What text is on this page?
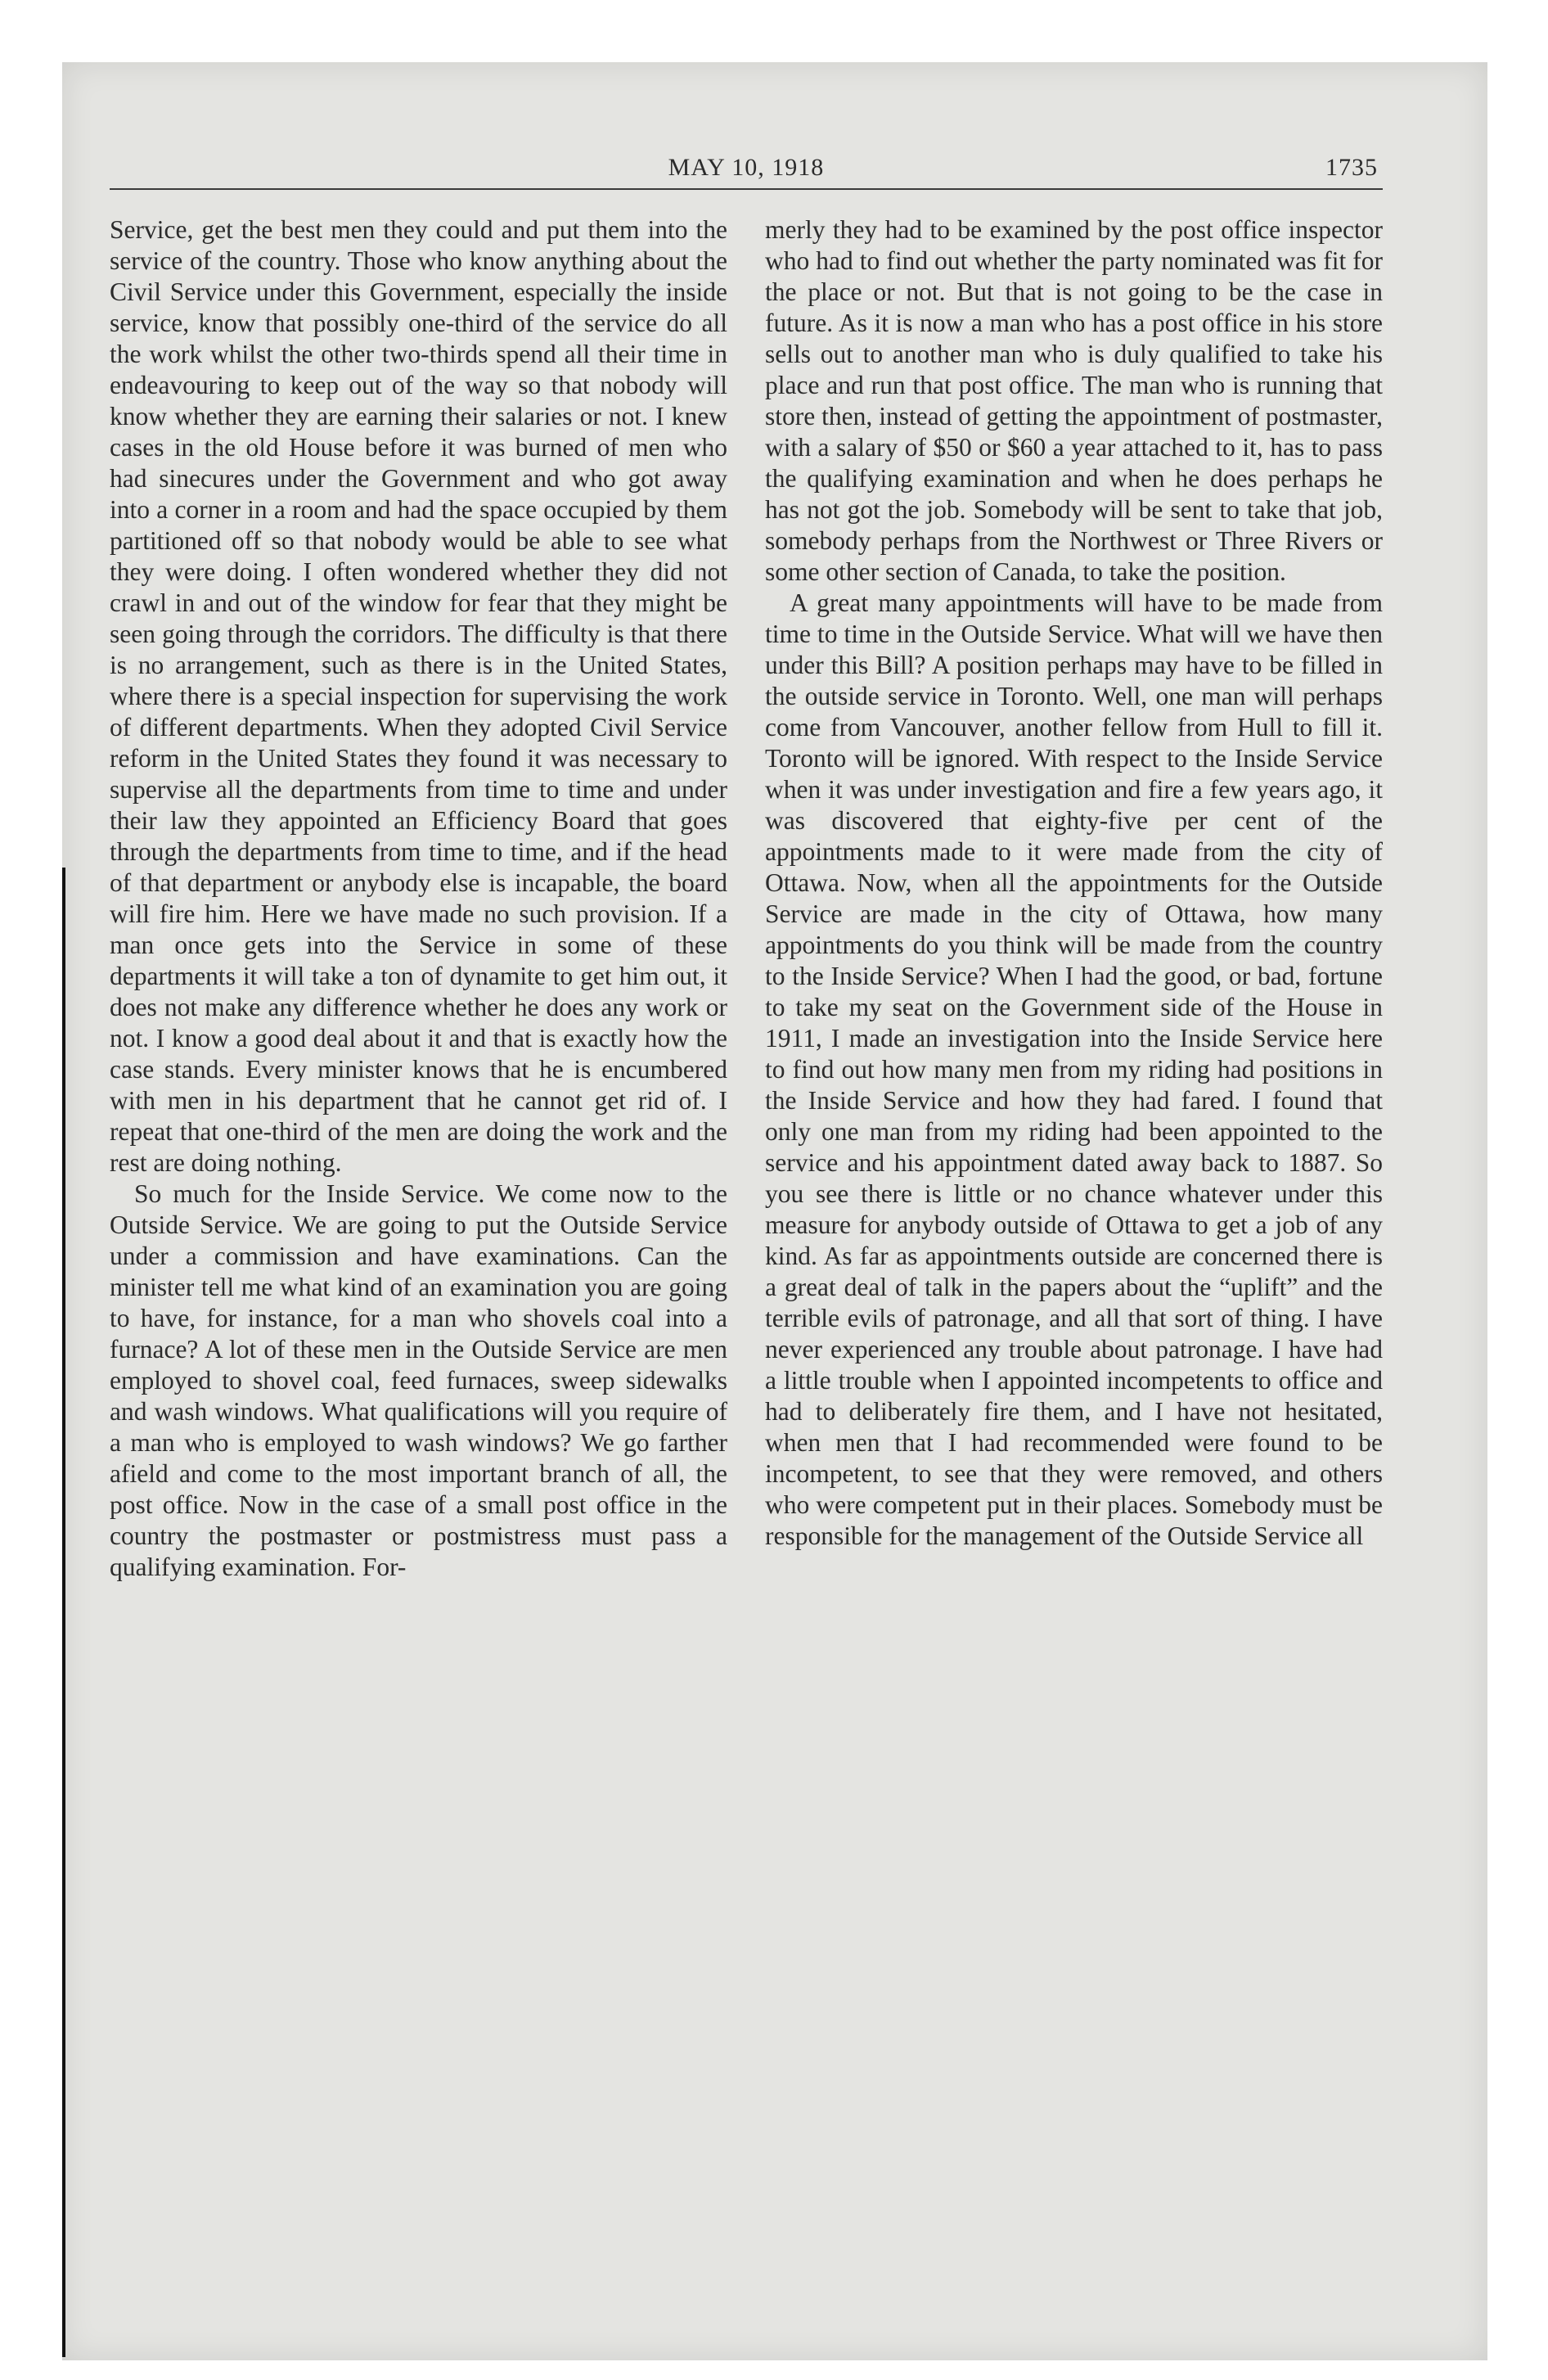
MAY 10, 1918	1735

Service, get the best men they could and put them into the service of the country. Those who know anything about the Civil Service under this Government, especially the inside service, know that possibly one-third of the service do all the work whilst the other two-thirds spend all their time in endeavouring to keep out of the way so that nobody will know whether they are earning their salaries or not. I knew cases in the old House before it was burned of men who had sinecures under the Government and who got away into a corner in a room and had the space occupied by them partitioned off so that nobody would be able to see what they were doing. I often wondered whether they did not crawl in and out of the window for fear that they might be seen going through the corridors. The difficulty is that there is no arrangement, such as there is in the United States, where there is a special inspection for supervising the work of different departments. When they adopted Civil Service reform in the United States they found it was necessary to supervise all the departments from time to time and under their law they appointed an Efficiency Board that goes through the departments from time to time, and if the head of that department or anybody else is incapable, the board will fire him. Here we have made no such provision. If a man once gets into the Service in some of these departments it will take a ton of dynamite to get him out, it does not make any difference whether he does any work or not. I know a good deal about it and that is exactly how the case stands. Every minister knows that he is encumbered with men in his department that he cannot get rid of. I repeat that one-third of the men are doing the work and the rest are doing nothing.

So much for the Inside Service. We come now to the Outside Service. We are going to put the Outside Service under a commission and have examinations. Can the minister tell me what kind of an examination you are going to have, for instance, for a man who shovels coal into a furnace? A lot of these men in the Outside Service are men employed to shovel coal, feed furnaces, sweep sidewalks and wash windows. What qualifications will you require of a man who is employed to wash windows? We go farther afield and come to the most important branch of all, the post office. Now in the case of a small post office in the country the postmaster or postmistress must pass a qualifying examination. For-

merly they had to be examined by the post office inspector who had to find out whether the party nominated was fit for the place or not. But that is not going to be the case in future. As it is now a man who has a post office in his store sells out to another man who is duly qualified to take his place and run that post office. The man who is running that store then, instead of getting the appointment of postmaster, with a salary of $50 or $60 a year attached to it, has to pass the qualifying examination and when he does perhaps he has not got the job. Somebody will be sent to take that job, somebody perhaps from the Northwest or Three Rivers or some other section of Canada, to take the position.

A great many appointments will have to be made from time to time in the Outside Service. What will we have then under this Bill? A position perhaps may have to be filled in the outside service in Toronto. Well, one man will perhaps come from Vancouver, another fellow from Hull to fill it. Toronto will be ignored. With respect to the Inside Service when it was under investigation and fire a few years ago, it was discovered that eighty-five per cent of the appointments made to it were made from the city of Ottawa. Now, when all the appointments for the Outside Service are made in the city of Ottawa, how many appointments do you think will be made from the country to the Inside Service? When I had the good, or bad, fortune to take my seat on the Government side of the House in 1911, I made an investigation into the Inside Service here to find out how many men from my riding had positions in the Inside Service and how they had fared. I found that only one man from my riding had been appointed to the service and his appointment dated away back to 1887. So you see there is little or no chance whatever under this measure for anybody outside of Ottawa to get a job of any kind. As far as appointments outside are concerned there is a great deal of talk in the papers about the “uplift” and the terrible evils of patronage, and all that sort of thing. I have never experienced any trouble about patronage. I have had a little trouble when I appointed incompetents to office and had to deliberately fire them, and I have not hesitated, when men that I had recommended were found to be incompetent, to see that they were removed, and others who were competent put in their places. Somebody must be responsible for the management of the Outside Service all
